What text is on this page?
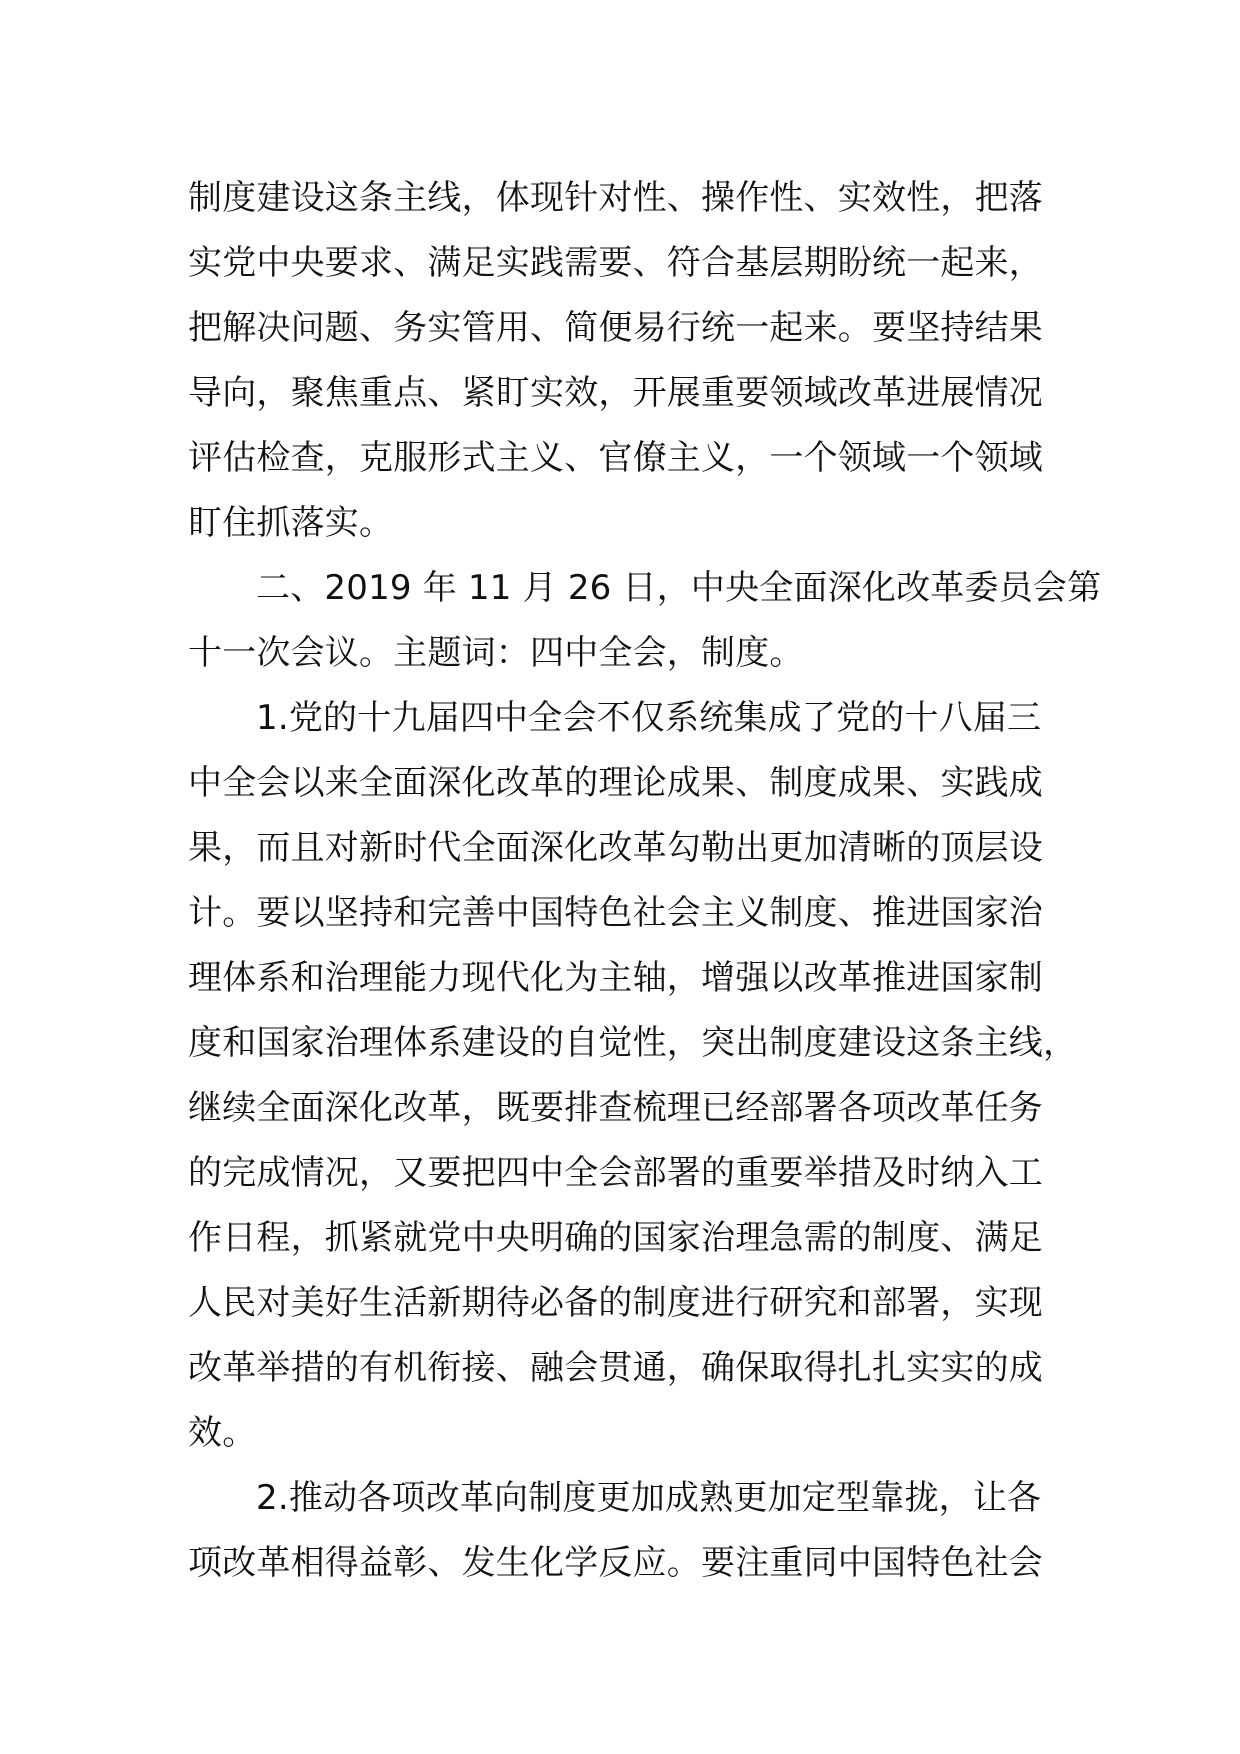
制度建设这条主线，体现针对性、操作性、实效性，把落
实党中央要求、满足实践需要、符合基层期盼统一起来，
把解决问题、务实管用、简便易行统一起来。要坚持结果
导向，聚焦重点、紧盯实效，开展重要领域改革进展情况
评估检查，克服形式主义、官僚主义，一个领域一个领域
盯住抓落实。
二、2019 年 11 月 26 日，中央全面深化改革委员会第
十一次会议。主题词：四中全会，制度。
1.党的十九届四中全会不仅系统集成了党的十八届三
中全会以来全面深化改革的理论成果、制度成果、实践成
果，而且对新时代全面深化改革勾勒出更加清晰的顶层设
计。要以坚持和完善中国特色社会主义制度、推进国家治
理体系和治理能力现代化为主轴，增强以改革推进国家制
度和国家治理体系建设的自觉性，突出制度建设这条主线，
继续全面深化改革，既要排查梳理已经部署各项改革任务
的完成情况，又要把四中全会部署的重要举措及时纳入工
作日程，抓紧就党中央明确的国家治理急需的制度、满足
人民对美好生活新期待必备的制度进行研究和部署，实现
改革举措的有机衔接、融会贯通，确保取得扎扎实实的成
效。
2.推动各项改革向制度更加成熟更加定型靠拢，让各
项改革相得益彰、发生化学反应。要注重同中国特色社会
